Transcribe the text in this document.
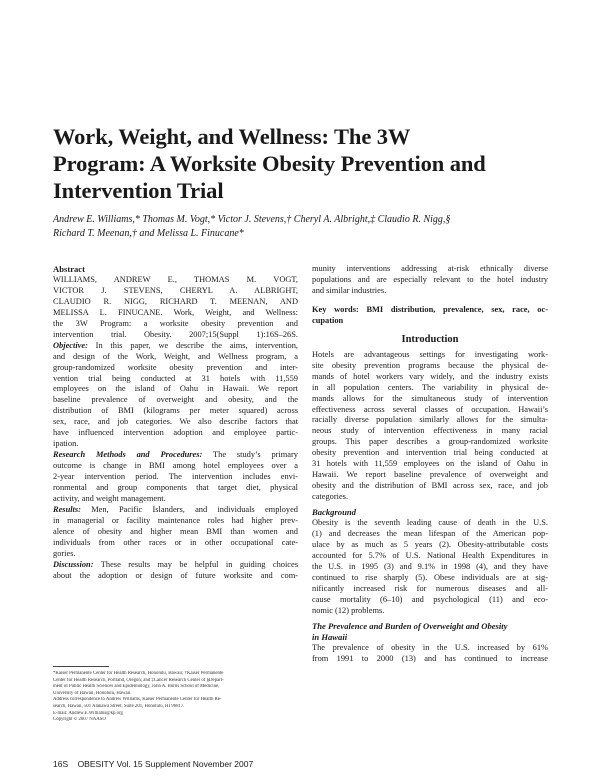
Work, Weight, and Wellness: The 3W
Program: A Worksite Obesity Prevention and
Intervention Trial
Andrew E. Williams,* Thomas M. Vogt,* Victor J. Stevens,† Cheryl A. Albright,‡ Claudio R. Nigg,§
Richard T. Meenan,† and Melissa L. Finucane*
Abstract
WILLIAMS, ANDREW E., THOMAS M. VOGT,
VICTOR J. STEVENS, CHERYL A. ALBRIGHT,
CLAUDIO R. NIGG, RICHARD T. MEENAN, AND
MELISSA L. FINUCANE. Work, Weight, and Wellness:
the 3W Program: a worksite obesity prevention and
intervention trial. Obesity. 2007;15(Suppl 1):16S–26S.
Objective: In this paper, we describe the aims, intervention,
and design of the Work, Weight, and Wellness program, a
group-randomized worksite obesity prevention and inter-
vention trial being conducted at 31 hotels with 11,559
employees on the island of Oahu in Hawaii. We report
baseline prevalence of overweight and obesity, and the
distribution of BMI (kilograms per meter squared) across
sex, race, and job categories. We also describe factors that
have influenced intervention adoption and employee partic-
ipation.
Research Methods and Procedures: The study’s primary
outcome is change in BMI among hotel employees over a
2-year intervention period. The intervention includes envi-
ronmental and group components that target diet, physical
activity, and weight management.
Results: Men, Pacific Islanders, and individuals employed
in managerial or facility maintenance roles had higher prev-
alence of obesity and higher mean BMI than women and
individuals from other races or in other occupational cate-
gories.
Discussion: These results may be helpful in guiding choices
about the adoption or design of future worksite and com-
*Kaiser Permanente Center for Health Research, Honolulu, Hawaii; †Kaiser Permanente
Center for Health Research, Portland, Oregon; and ‡Cancer Research Center of §Depart-
ment of Public Health Sciences and Epidemiology, John A. Burns School of Medicine,
University of Hawaii, Honolulu, Hawaii.
Address correspondence to Andrew Williams, Kaiser Permanente Center for Health Re-
search, Hawaii, 501 Alakawa Street, Suite 201, Honolulu, HI 96817.
E-mail: Andrew.E.Williams@kp.org
Copyright © 2007 NAASO
munity interventions addressing at-risk ethnically diverse
populations and are especially relevant to the hotel industry
and similar industries.
Key words: BMI distribution, prevalence, sex, race, oc-
cupation
Introduction
Hotels are advantageous settings for investigating work-
site obesity prevention programs because the physical de-
mands of hotel workers vary widely, and the industry exists
in all population centers. The variability in physical de-
mands allows for the simultaneous study of intervention
effectiveness across several classes of occupation. Hawaii’s
racially diverse population similarly allows for the simulta-
neous study of intervention effectiveness in many racial
groups. This paper describes a group-randomized worksite
obesity prevention and intervention trial being conducted at
31 hotels with 11,559 employees on the island of Oahu in
Hawaii. We report baseline prevalence of overweight and
obesity and the distribution of BMI across sex, race, and job
categories.
Background
Obesity is the seventh leading cause of death in the U.S.
(1) and decreases the mean lifespan of the American pop-
ulace by as much as 5 years (2). Obesity-attributable costs
accounted for 5.7% of U.S. National Health Expenditures in
the U.S. in 1995 (3) and 9.1% in 1998 (4), and they have
continued to rise sharply (5). Obese individuals are at sig-
nificantly increased risk for numerous diseases and all-
cause mortality (6–10) and psychological (11) and eco-
nomic (12) problems.
The Prevalence and Burden of Overweight and Obesity
in Hawaii
The prevalence of obesity in the U.S. increased by 61%
from 1991 to 2000 (13) and has continued to increase
16S    OBESITY Vol. 15 Supplement November 2007
